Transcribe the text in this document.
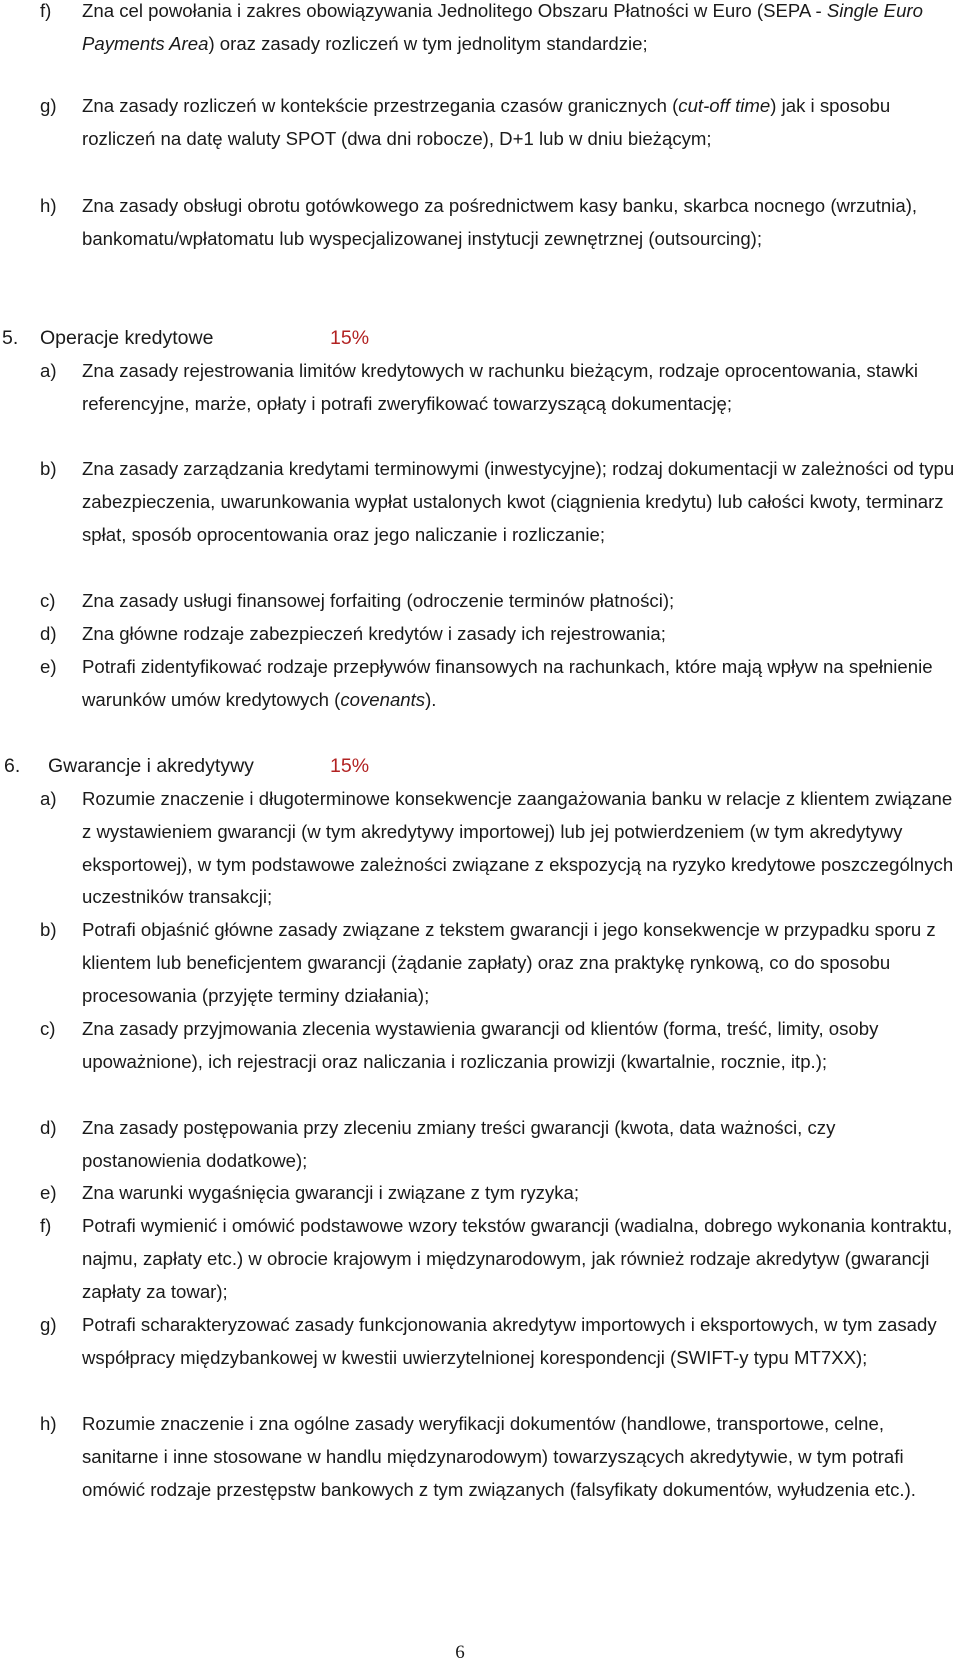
f) Zna cel powołania i zakres obowiązywania Jednolitego Obszaru Płatności w Euro (SEPA - Single Euro Payments Area) oraz zasady rozliczeń w tym jednolitym standardzie;
g) Zna zasady rozliczeń w kontekście przestrzegania czasów granicznych (cut-off time) jak i sposobu rozliczeń na datę waluty SPOT (dwa dni robocze), D+1 lub w dniu bieżącym;
h) Zna zasady obsługi obrotu gotówkowego za pośrednictwem kasy banku, skarbca nocnego (wrzutnia), bankomatu/wpłatomatu lub wyspecjalizowanej instytucji zewnętrznej (outsourcing);
5. Operacje kredytowe	15%
a) Zna zasady rejestrowania limitów kredytowych w rachunku bieżącym, rodzaje oprocentowania, stawki referencyjne, marże, opłaty i potrafi zweryfikować towarzyszącą dokumentację;
b) Zna zasady zarządzania kredytami terminowymi (inwestycyjne); rodzaj dokumentacji w zależności od typu zabezpieczenia, uwarunkowania wypłat ustalonych kwot (ciągnienia kredytu) lub całości kwoty, terminarz spłat, sposób oprocentowania oraz jego naliczanie i rozliczanie;
c) Zna zasady usługi finansowej forfaiting (odroczenie terminów płatności);
d) Zna główne rodzaje zabezpieczeń kredytów i zasady ich rejestrowania;
e) Potrafi zidentyfikować rodzaje przepływów finansowych na rachunkach, które mają wpływ na spełnienie warunków umów kredytowych (covenants).
6. Gwarancje i akredytywy	15%
a) Rozumie znaczenie i długoterminowe konsekwencje zaangażowania banku w relacje z klientem związane z wystawieniem gwarancji (w tym akredytywy importowej) lub jej potwierdzeniem (w tym akredytywy eksportowej), w tym podstawowe zależności związane z ekspozycją na ryzyko kredytowe poszczególnych uczestników transakcji;
b) Potrafi objaśnić główne zasady związane z tekstem gwarancji i jego konsekwencje w przypadku sporu z klientem lub beneficjentem gwarancji (żądanie zapłaty) oraz zna praktykę rynkową, co do sposobu procesowania (przyjęte terminy działania);
c) Zna zasady przyjmowania zlecenia wystawienia gwarancji od klientów (forma, treść, limity, osoby upoważnione), ich rejestracji oraz naliczania i rozliczania prowizji (kwartalnie, rocznie, itp.);
d) Zna zasady postępowania przy zleceniu zmiany treści gwarancji (kwota, data ważności, czy postanowienia dodatkowe);
e) Zna warunki wygaśnięcia gwarancji i związane z tym ryzyka;
f) Potrafi wymienić i omówić podstawowe wzory tekstów gwarancji (wadialna, dobrego wykonania kontraktu, najmu, zapłaty etc.) w obrocie krajowym i międzynarodowym, jak również rodzaje akredytyw (gwarancji zapłaty za towar);
g) Potrafi scharakteryzować zasady funkcjonowania akredytyw importowych i eksportowych, w tym zasady współpracy międzybankowej w kwestii uwierzytelnionej korespondencji (SWIFT-y typu MT7XX);
h) Rozumie znaczenie i zna ogólne zasady weryfikacji dokumentów (handlowe, transportowe, celne, sanitarne i inne stosowane w handlu międzynarodowym) towarzyszących akredytywie, w tym potrafi omówić rodzaje przestępstw bankowych z tym związanych (falsyfikaty dokumentów, wyłudzenia etc.).
6
